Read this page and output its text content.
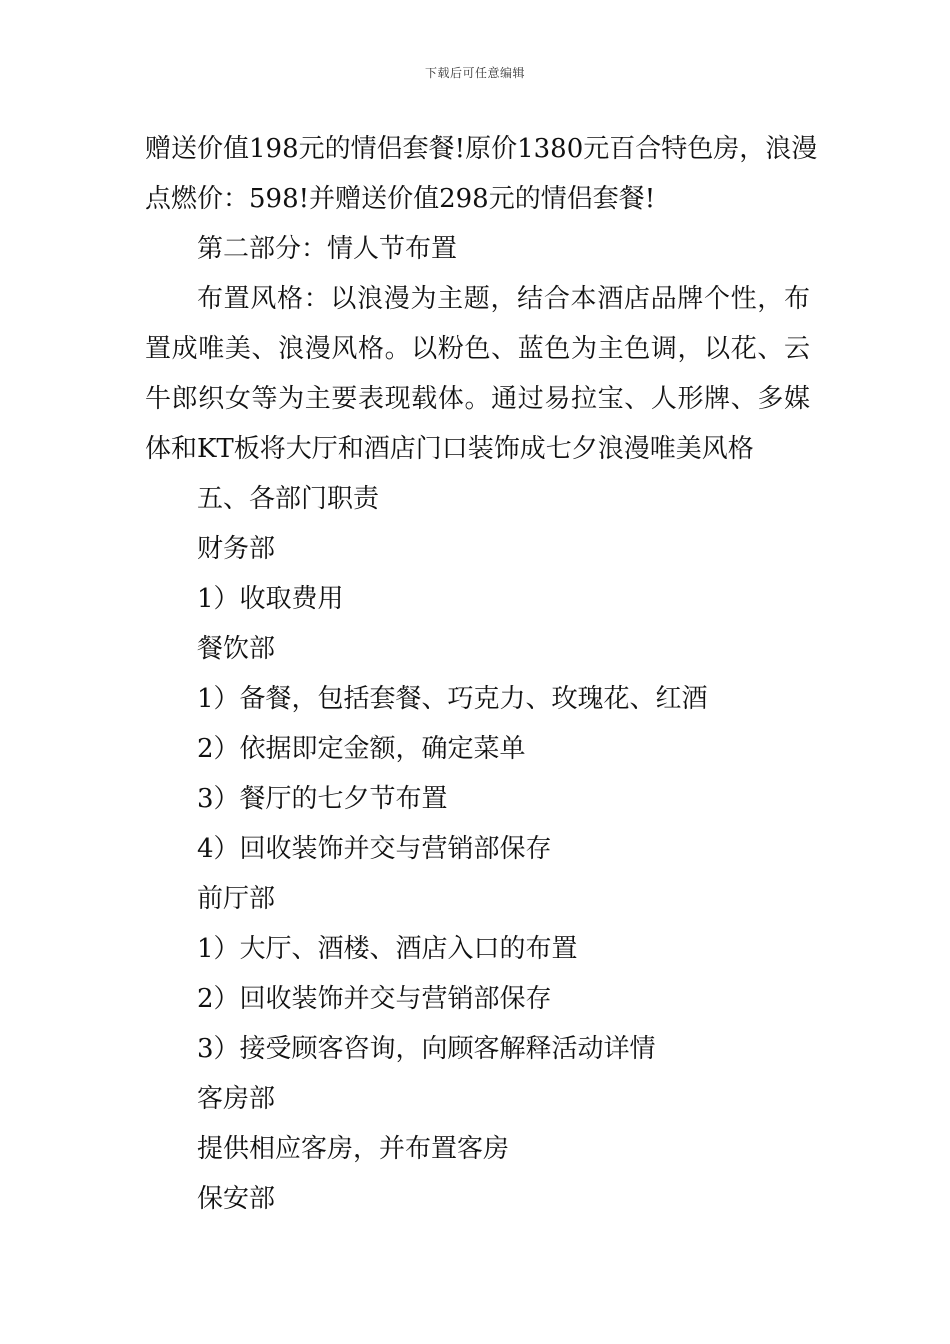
下载后可任意编辑
赠送价值198元的情侣套餐!原价1380元百合特色房，浪漫
点燃价：598!并赠送价值298元的情侣套餐!
第二部分：情人节布置
布置风格：以浪漫为主题，结合本酒店品牌个性，布
置成唯美、浪漫风格。以粉色、蓝色为主色调，以花、云
牛郎织女等为主要表现载体。通过易拉宝、人形牌、多媒
体和KT板将大厅和酒店门口装饰成七夕浪漫唯美风格
五、各部门职责
财务部
1）收取费用
餐饮部
1）备餐，包括套餐、巧克力、玫瑰花、红酒
2）依据即定金额，确定菜单
3）餐厅的七夕节布置
4）回收装饰并交与营销部保存
前厅部
1）大厅、酒楼、酒店入口的布置
2）回收装饰并交与营销部保存
3）接受顾客咨询，向顾客解释活动详情
客房部
提供相应客房，并布置客房
保安部
